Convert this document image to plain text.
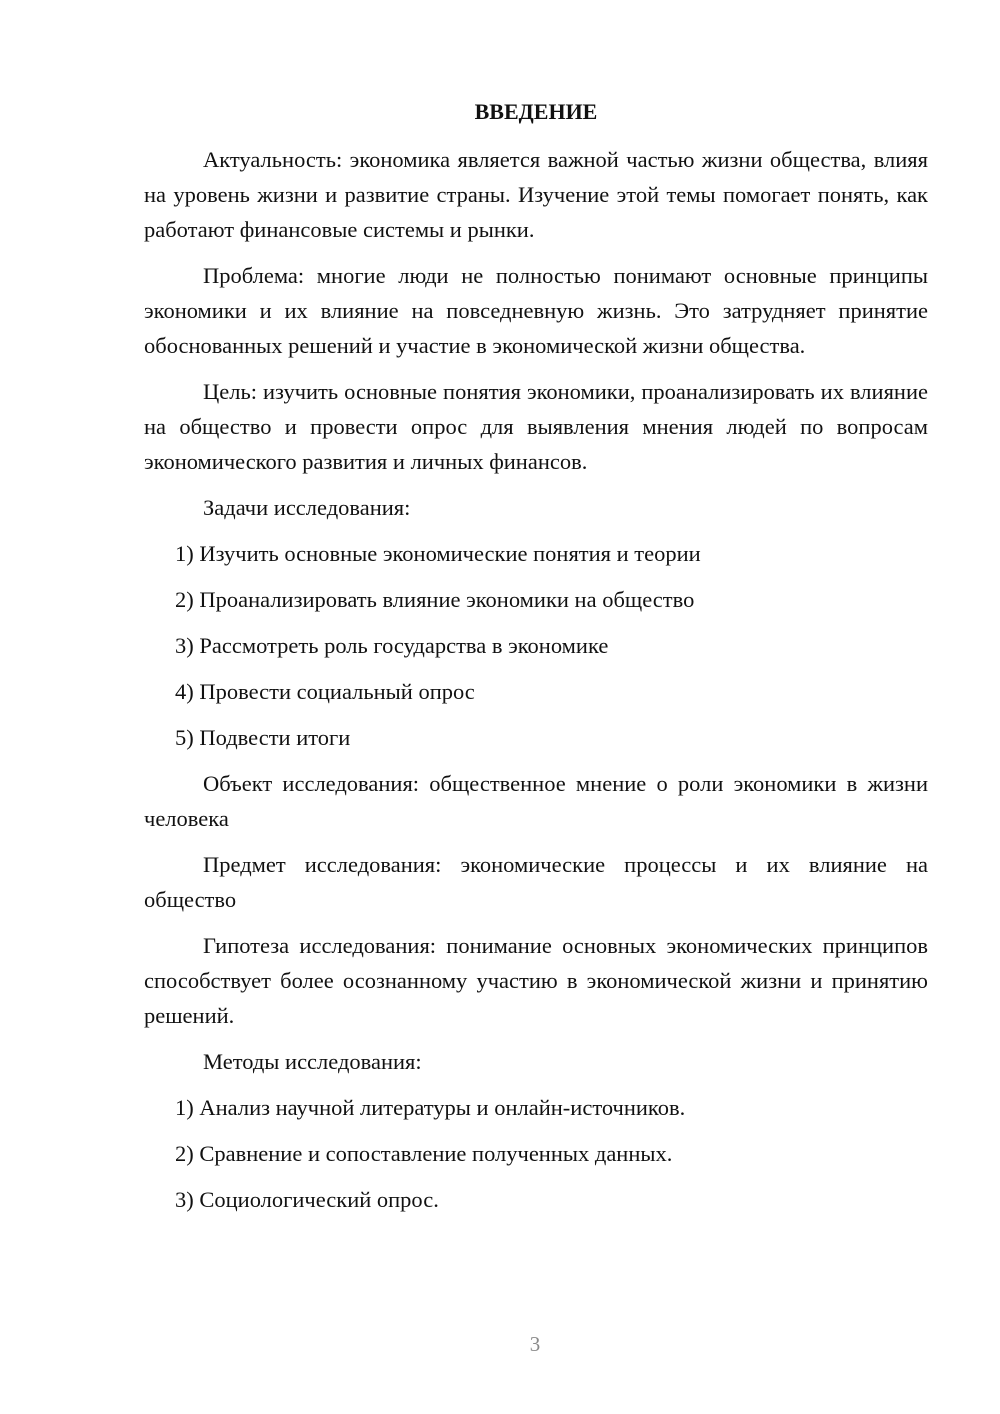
ВВЕДЕНИЕ

Актуальность: экономика является важной частью жизни общества, влияя на уровень жизни и развитие страны. Изучение этой темы помогает понять, как работают финансовые системы и рынки.

Проблема: многие люди не полностью понимают основные принципы экономики и их влияние на повседневную жизнь. Это затрудняет принятие обоснованных решений и участие в экономической жизни общества.

Цель: изучить основные понятия экономики, проанализировать их влияние на общество и провести опрос для выявления мнения людей по вопросам экономического развития и личных финансов.

Задачи исследования:

1) Изучить основные экономические понятия и теории

2) Проанализировать влияние экономики на общество

3) Рассмотреть роль государства в экономике

4) Провести социальный опрос

5) Подвести итоги

Объект исследования: общественное мнение о роли экономики в жизни человека

Предмет исследования: экономические процессы и их влияние на общество

Гипотеза исследования: понимание основных экономических принципов способствует более осознанному участию в экономической жизни и принятию решений.

Методы исследования:

1) Анализ научной литературы и онлайн-источников.

2) Сравнение и сопоставление полученных данных.

3) Социологический опрос.

3
